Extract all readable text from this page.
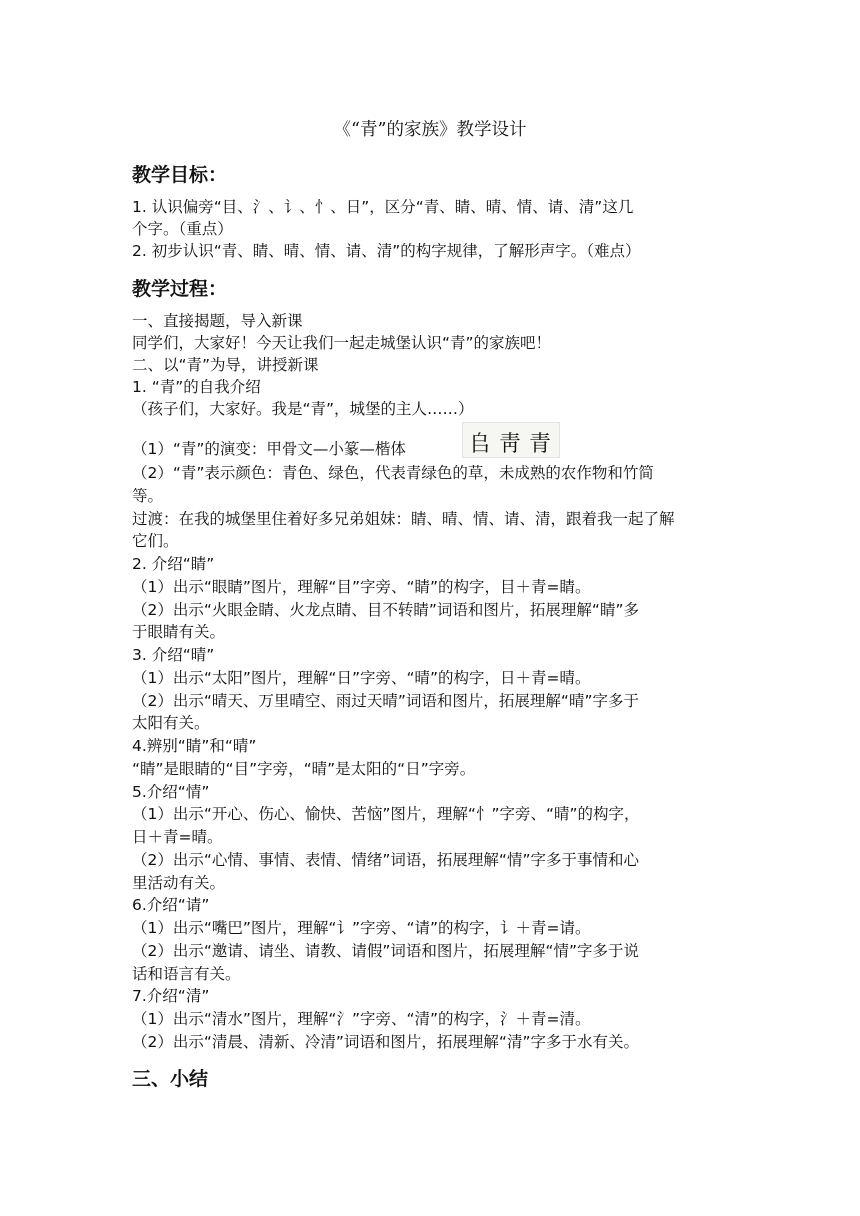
《“青”的家族》教学设计
教学目标：
1. 认识偏旁“目、氵、讠、忄、日”，区分“青、睛、晴、情、请、清”这几
个字。（重点）
2. 初步认识“青、睛、晴、情、请、清”的构字规律，了解形声字。（难点）
教学过程：
一、直接揭题，导入新课
同学们，大家好！今天让我们一起走城堡认识“青”的家族吧！
二、以“青”为导，讲授新课
1. “青”的自我介绍
（孩子们，大家好。我是“青”，城堡的主人……）
（1）“青”的演变：甲骨文—小篆—楷体	𠂤 靑 青
（2）“青”表示颜色：青色、绿色，代表青绿色的草，未成熟的农作物和竹简
等。
过渡：在我的城堡里住着好多兄弟姐妹：睛、晴、情、请、清，跟着我一起了解
它们。
2. 介绍“睛”
（1）出示“眼睛”图片，理解“目”字旁、“睛”的构字，目＋青=睛。
（2）出示“火眼金睛、火龙点睛、目不转睛”词语和图片，拓展理解“睛”多
于眼睛有关。
3. 介绍“晴”
（1）出示“太阳”图片，理解“日”字旁、“晴”的构字，日＋青=晴。
（2）出示“晴天、万里晴空、雨过天晴”词语和图片，拓展理解“晴”字多于
太阳有关。
4.辨别“睛”和“晴”
“睛”是眼睛的“目”字旁，“晴”是太阳的“日”字旁。
5.介绍“情”
（1）出示“开心、伤心、愉快、苦恼”图片，理解“忄”字旁、“晴”的构字，
日＋青=晴。
（2）出示“心情、事情、表情、情绪”词语，拓展理解“情”字多于事情和心
里活动有关。
6.介绍“请”
（1）出示“嘴巴”图片，理解“讠”字旁、“请”的构字，讠＋青=请。
（2）出示“邀请、请坐、请教、请假”词语和图片，拓展理解“情”字多于说
话和语言有关。
7.介绍“清”
（1）出示“清水”图片，理解“氵”字旁、“清”的构字，氵＋青=清。
（2）出示“清晨、清新、冷清”词语和图片，拓展理解“清”字多于水有关。
三、小结
